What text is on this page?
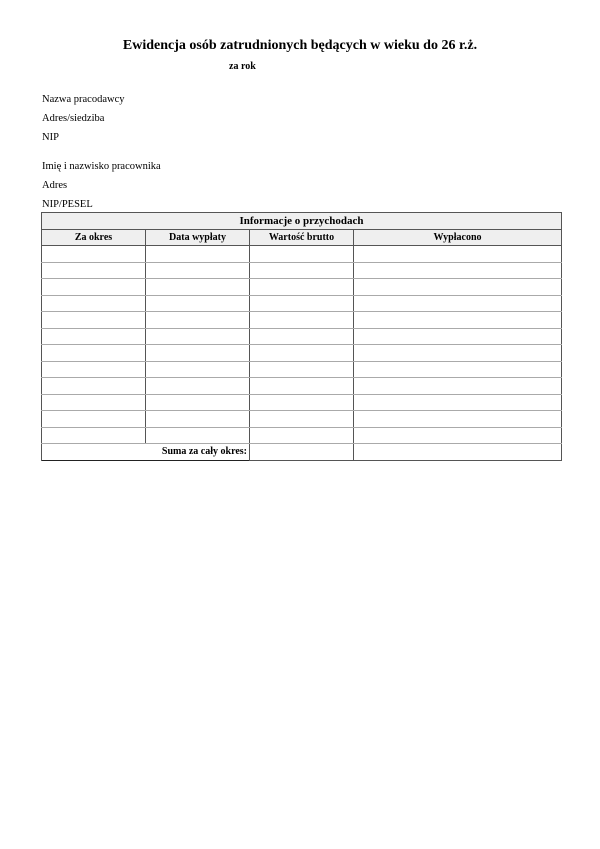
Ewidencja osób zatrudnionych będących w wieku do 26 r.ż.
za rok
Nazwa pracodawcy
Adres/siedziba
NIP
Imię i nazwisko pracownika
Adres
NIP/PESEL
Informacje o przychodach			
Za okres	Data wypłaty	Wartość brutto	Wypłacono

Suma za cały okres:			
